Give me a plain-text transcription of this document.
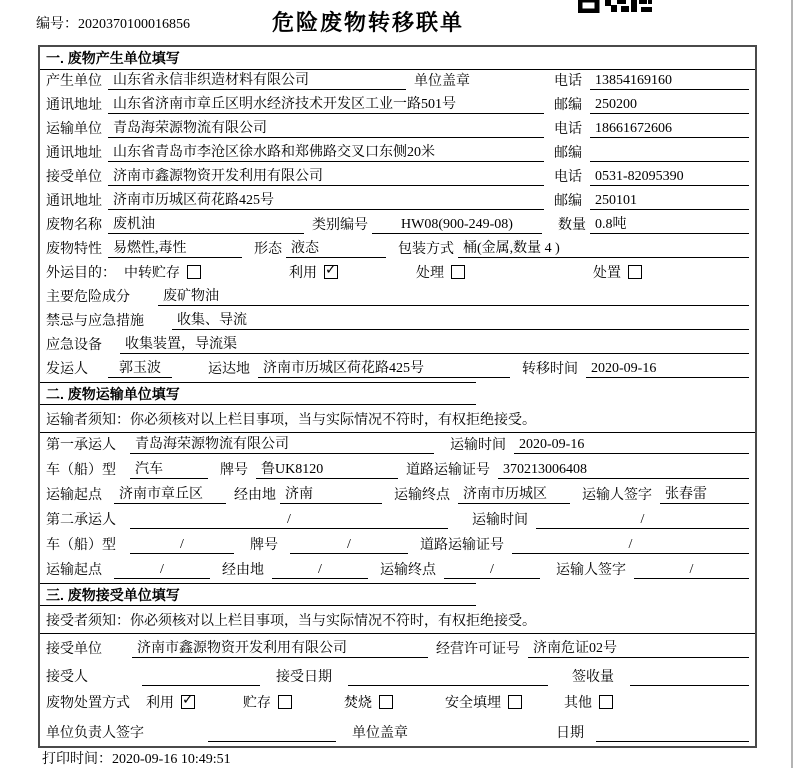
编号：2020370100016856	危险废物转移联单
一. 废物产生单位填写
产生单位 山东省永信非织造材料有限公司	单位盖章	电话 13854169160
通讯地址 山东省济南市章丘区明水经济技术开发区工业一路501号	邮编 250200
运输单位 青岛海荣源物流有限公司	电话 18661672606
通讯地址 山东省青岛市李沧区徐水路和郑佛路交叉口东侧20米	邮编
接受单位 济南市鑫源物资开发利用有限公司	电话 0531-82095390
通讯地址 济南市历城区荷花路425号	邮编 250101
废物名称 废机油	类别编号	HW08(900-249-08)	数量 0.8吨
废物特性 易燃性,毒性	形态 液态	包装方式 桶(金属,数量 4 )
外运目的： 中转贮存	利用 ✓	处理	处置
主要危险成分	废矿物油
禁忌与应急措施	收集、导流
应急设备	收集装置，导流渠
发运人	郭玉波	运达地 济南市历城区荷花路425号	转移时间 2020-09-16
二. 废物运输单位填写
运输者须知：你必须核对以上栏目事项，当与实际情况不符时，有权拒绝接受。
第一承运人	青岛海荣源物流有限公司	运输时间 2020-09-16
车（船）型	汽车	牌号 鲁UK8120	道路运输证号 370213006408
运输起点	济南市章丘区	经由地 济南	运输终点 济南市历城区	运输人签字 张春雷
第二承运人	/	运输时间	/
车（船）型	/	牌号	/	道路运输证号	/
运输起点	/	经由地	/	运输终点	/	运输人签字	/
三. 废物接受单位填写
接受者须知：你必须核对以上栏目事项，当与实际情况不符时，有权拒绝接受。
接受单位	济南市鑫源物资开发利用有限公司	经营许可证号 济南危证02号
接受人	接受日期	签收量
废物处置方式 利用 ✓	贮存	焚烧	安全填埋	其他
单位负责人签字	单位盖章	日期
打印时间：2020-09-16 10:49:51
